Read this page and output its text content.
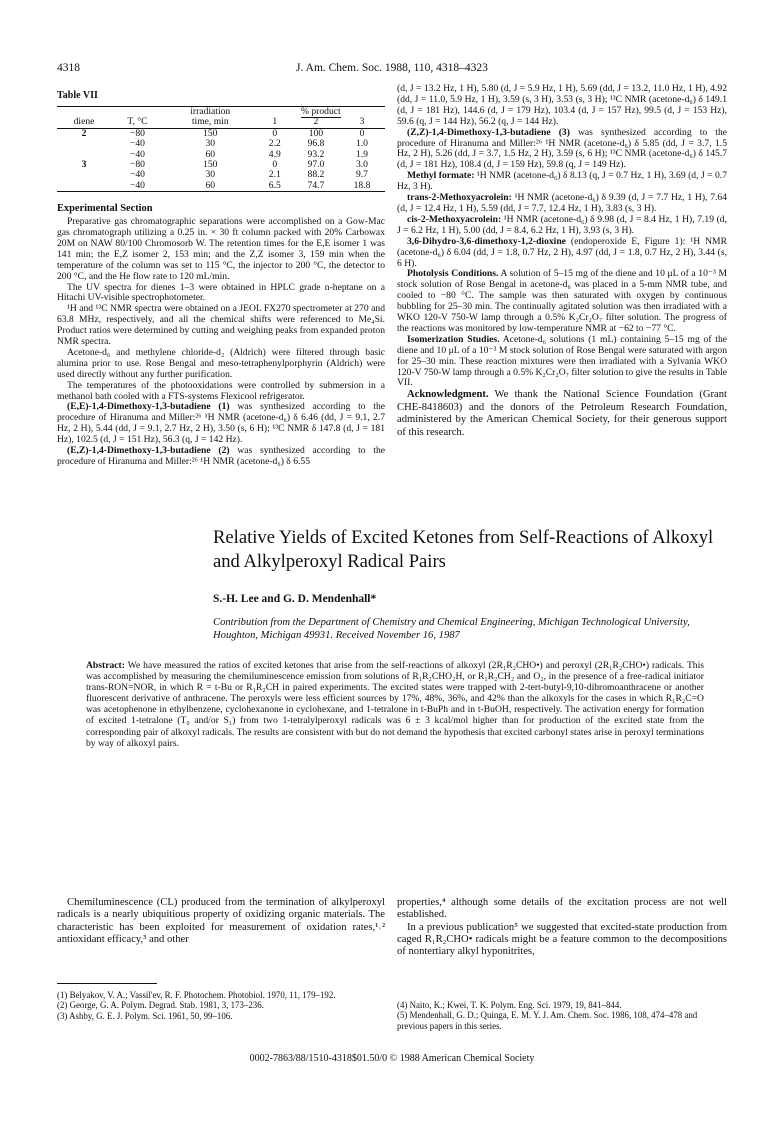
4318	J. Am. Chem. Soc. 1988, 110, 4318–4323
Table VII
		irradiation	% product		
diene	T, °C	time, min	1	2	3
2	−80	150	0	100	0
	−40	30	2.2	96.8	1.0
	−40	60	4.9	93.2	1.9
3	−80	150	0	97.0	3.0
	−40	30	2.1	88.2	9.7
	−40	60	6.5	74.7	18.8
Experimental Section

Preparative gas chromatographic separations were accomplished on a Gow-Mac gas chromatograph utilizing a 0.25 in. × 30 ft column packed with 20% Carbowax 20M on NAW 80/100 Chromosorb W. The retention times for the E,E isomer 1 was 141 min; the E,Z isomer 2, 153 min; and the Z,Z isomer 3, 159 min when the temperature of the column was set to 115 °C, the injector to 200 °C, the detector to 200 °C, and the He flow rate to 120 mL/min.

The UV spectra for dienes 1–3 were obtained in HPLC grade n-heptane on a Hitachi UV-visible spectrophotometer.

¹H and ¹³C NMR spectra were obtained on a JEOL FX270 spectrometer at 270 and 63.8 MHz, respectively, and all the chemical shifts were referenced to Me₄Si. Product ratios were determined by cutting and weighing peaks from expanded proton NMR spectra.

Acetone-d₆ and methylene chloride-d₂ (Aldrich) were filtered through basic alumina prior to use. Rose Bengal and meso-tetraphenylporphyrin (Aldrich) were used directly without any further purification.

The temperatures of the photooxidations were controlled by submersion in a methanol bath cooled with a FTS-systems Flexicool refrigerator.

(E,E)-1,4-Dimethoxy-1,3-butadiene (1) was synthesized according to the procedure of Hiranuma and Miller:²⁶ ¹H NMR (acetone-d₆) δ 6.46 (dd, J = 9.1, 2.7 Hz, 2 H), 5.44 (dd, J = 9.1, 2.7 Hz, 2 H), 3.50 (s, 6 H); ¹³C NMR δ 147.8 (d, J = 181 Hz), 102.5 (d, J = 151 Hz), 56.3 (q, J = 142 Hz).

(E,Z)-1,4-Dimethoxy-1,3-butadiene (2) was synthesized according to the procedure of Hiranuma and Miller:²⁶ ¹H NMR (acetone-d₆) δ 6.55

(d, J = 13.2 Hz, 1 H), 5.80 (d, J = 5.9 Hz, 1 H), 5.69 (dd, J = 13.2, 11.0 Hz, 1 H), 4.92 (dd, J = 11.0, 5.9 Hz, 1 H), 3.59 (s, 3 H), 3.53 (s, 3 H); ¹³C NMR (acetone-d₆) δ 149.1 (d, J = 181 Hz), 144.6 (d, J = 179 Hz), 103.4 (d, J = 157 Hz), 99.5 (d, J = 153 Hz), 59.6 (q, J = 144 Hz), 56.2 (q, J = 144 Hz).

(Z,Z)-1,4-Dimethoxy-1,3-butadiene (3) was synthesized according to the procedure of Hiranuma and Miller:²⁶ ¹H NMR (acetone-d₆) δ 5.85 (dd, J = 3.7, 1.5 Hz, 2 H), 5.26 (dd, J = 3.7, 1.5 Hz, 2 H), 3.59 (s, 6 H); ¹³C NMR (acetone-d₆) δ 145.7 (d, J = 181 Hz), 108.4 (d, J = 159 Hz), 59.8 (q, J = 149 Hz).

Methyl formate: ¹H NMR (acetone-d₆) δ 8.13 (q, J = 0.7 Hz, 1 H), 3.69 (d, J = 0.7 Hz, 3 H).

trans-2-Methoxyacrolein: ¹H NMR (acetone-d₆) δ 9.39 (d, J = 7.7 Hz, 1 H), 7.64 (d, J = 12.4 Hz, 1 H), 5.59 (dd, J = 7.7, 12.4 Hz, 1 H), 3.83 (s, 3 H).

cis-2-Methoxyacrolein: ¹H NMR (acetone-d₆) δ 9.98 (d, J = 8.4 Hz, 1 H), 7.19 (d, J = 6.2 Hz, 1 H), 5.00 (dd, J = 8.4, 6.2 Hz, 1 H), 3.93 (s, 3 H).

3,6-Dihydro-3,6-dimethoxy-1,2-dioxine (endoperoxide E, Figure 1): ¹H NMR (acetone-d₆) δ 6.04 (dd, J = 1.8, 0.7 Hz, 2 H), 4.97 (dd, J = 1.8, 0.7 Hz, 2 H), 3.44 (s, 6 H).

Photolysis Conditions. A solution of 5–15 mg of the diene and 10 μL of a 10⁻³ M stock solution of Rose Bengal in acetone-d₆ was placed in a 5-mm NMR tube, and cooled to −80 °C. The sample was then saturated with oxygen by continuous bubbling for 25–30 min. The continually agitated solution was then irradiated with a WKO 120-V 750-W lamp through a 0.5% K₂Cr₂O₇ filter solution. The progress of the reactions was monitored by low-temperature NMR at −62 to −77 °C.

Isomerization Studies. Acetone-d₆ solutions (1 mL) containing 5–15 mg of the diene and 10 μL of a 10⁻³ M stock solution of Rose Bengal were saturated with argon for 25–30 min. These reaction mixtures were then irradiated with a Sylvania WKO 120-V 750-W lamp through a 0.5% K₂Cr₂O₇ filter solution to give the results in Table VII.

Acknowledgment. We thank the National Science Foundation (Grant CHE-8418603) and the donors of the Petroleum Research Foundation, administered by the American Chemical Society, for their generous support of this research.

Relative Yields of Excited Ketones from Self-Reactions of Alkoxyl and Alkylperoxyl Radical Pairs
S.-H. Lee and G. D. Mendenhall*
Contribution from the Department of Chemistry and Chemical Engineering, Michigan Technological University, Houghton, Michigan 49931. Received November 16, 1987
Abstract: We have measured the ratios of excited ketones that arise from the self-reactions of alkoxyl (2R₁R₂CHO•) and peroxyl (2R₁R₂CHO•) radicals. This was accomplished by measuring the chemiluminescence emission from solutions of R₁R₂CHO₂H, or R₁R₂CH₂ and O₂, in the presence of a free-radical initiator trans-RON=NOR, in which R = t-Bu or R₁R₂CH in paired experiments. The excited states were trapped with 2-tert-butyl-9,10-dibromoanthracene or another fluorescent derivative of anthracene. The peroxyls were less efficient sources by 17%, 48%, 36%, and 42% than the alkoxyls for the cases in which R₁R₂C=O was acetophenone in ethylbenzene, cyclohexanone in cyclohexane, and 1-tetralone in t-BuPh and in t-BuOH, respectively. The activation energy for formation of excited 1-tetralone (T₀ and/or S₁) from two 1-tetralylperoxyl radicals was 6 ± 3 kcal/mol higher than for production of the excited state from the corresponding pair of alkoxyl radicals. The results are consistent with but do not demand the hypothesis that excited carbonyl states arise in peroxyl terminations by way of alkoxyl pairs.

Chemiluminescence (CL) produced from the termination of alkylperoxyl radicals is a nearly ubiquitious property of oxidizing organic materials. The characteristic has been exploited for measurement of oxidation rates,¹˒² antioxidant efficacy,³ and other

properties,⁴ although some details of the excitation process are not well established.

In a previous publication⁵ we suggested that excited-state production from caged R₁R₂CHO• radicals might be a feature common to the decompositions of nontertiary alkyl hyponitrites,

(1) Belyakov, V. A.; Vassil'ev, R. F. Photochem. Photobiol. 1970, 11, 179–192.
(2) George, G. A. Polym. Degrad. Stab. 1981, 3, 173–236.
(3) Ashby, G. E. J. Polym. Sci. 1961, 50, 99–106.
(4) Naito, K.; Kwei, T. K. Polym. Eng. Sci. 1979, 19, 841–844.
(5) Mendenhall, G. D.; Quinga, E. M. Y. J. Am. Chem. Soc. 1986, 108, 474–478 and previous papers in this series.
0002-7863/88/1510-4318$01.50/0 © 1988 American Chemical Society
